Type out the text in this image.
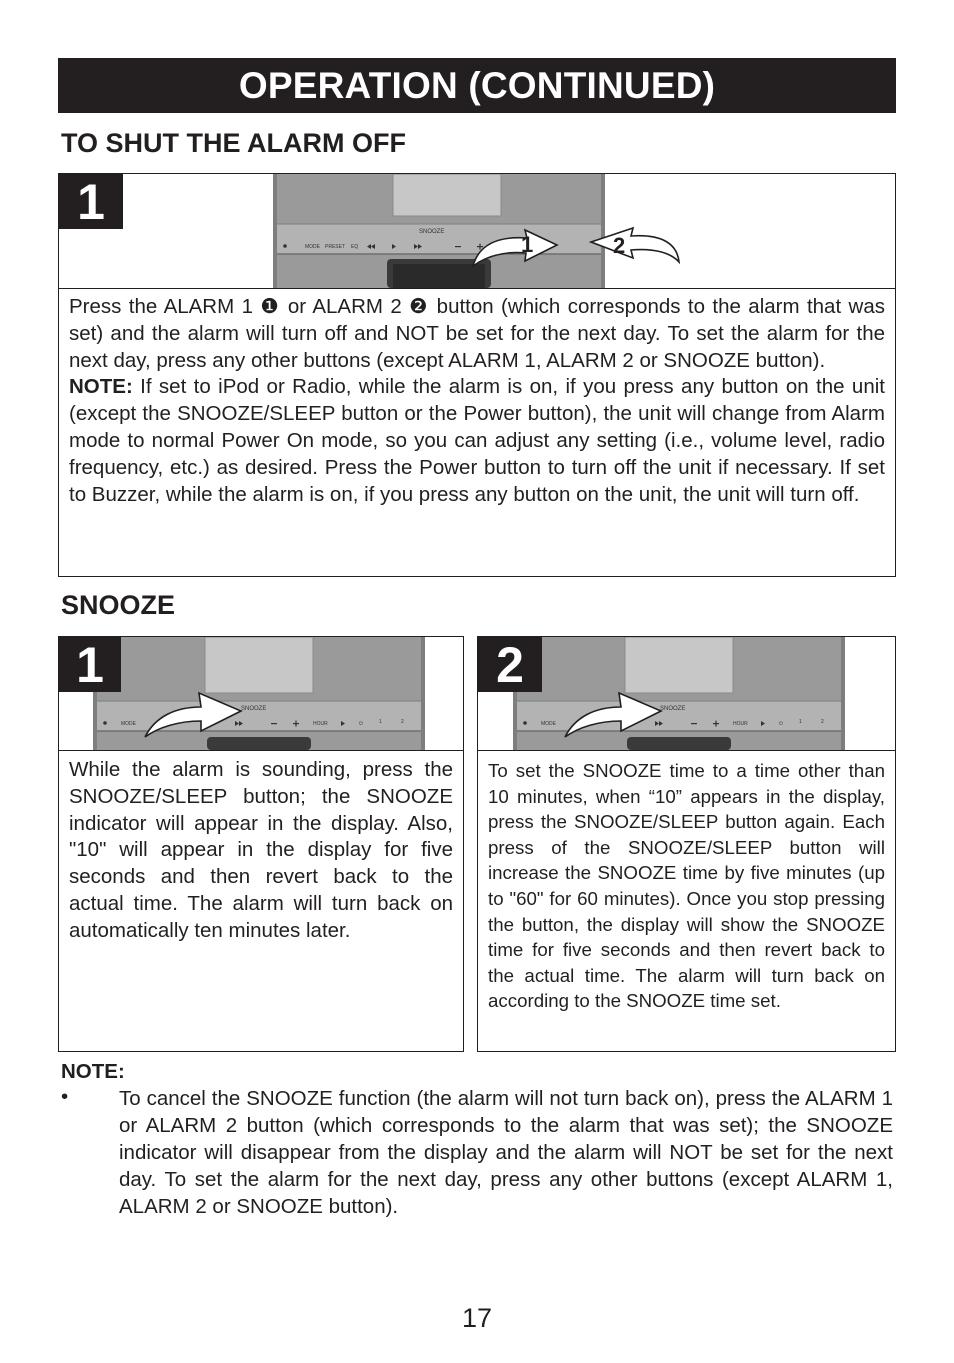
OPERATION (CONTINUED)
TO SHUT THE ALARM OFF
SNOOZE
MODE PRESET EQ	1	2
1

Press the ALARM 1 ❶ or ALARM 2 ❷ button (which corresponds to the alarm that was set) and the alarm will turn off and NOT be set for the next day. To set the alarm for the next day, press any other buttons (except ALARM 1, ALARM 2 or SNOOZE button).

NOTE: If set to iPod or Radio, while the alarm is on, if you press any button on the unit (except the SNOOZE/SLEEP button or the Power button), the unit will change from Alarm mode to normal Power On mode, so you can adjust any setting (i.e., volume level, radio frequency, etc.) as desired. Press the Power button to turn off the unit if necessary. If set to Buzzer, while the alarm is on, if you press any button on the unit, the unit will turn off.

SNOOZE
SNOOZE
MODE	HOUR	⏻	1	2
1
While the alarm is sounding, press the SNOOZE/SLEEP button; the SNOOZE indicator will appear in the display. Also, "10" will appear in the display for five seconds and then revert back to the actual time. The alarm will turn back on automatically ten minutes later.
SNOOZE
MODE	HOUR	⏻	1	2
2
To set the SNOOZE time to a time other than 10 minutes, when “10” appears in the display, press the SNOOZE/SLEEP button again. Each press of the SNOOZE/SLEEP button will increase the SNOOZE time by five minutes (up to "60" for 60 minutes). Once you stop pressing the button, the display will show the SNOOZE time for five seconds and then revert back to the actual time. The alarm will turn back on according to the SNOOZE time set.
NOTE:
• To cancel the SNOOZE function (the alarm will not turn back on), press the ALARM 1 or ALARM 2 button (which corresponds to the alarm that was set); the SNOOZE indicator will disappear from the display and the alarm will NOT be set for the next day. To set the alarm for the next day, press any other buttons (except ALARM 1, ALARM 2 or SNOOZE button).
17
